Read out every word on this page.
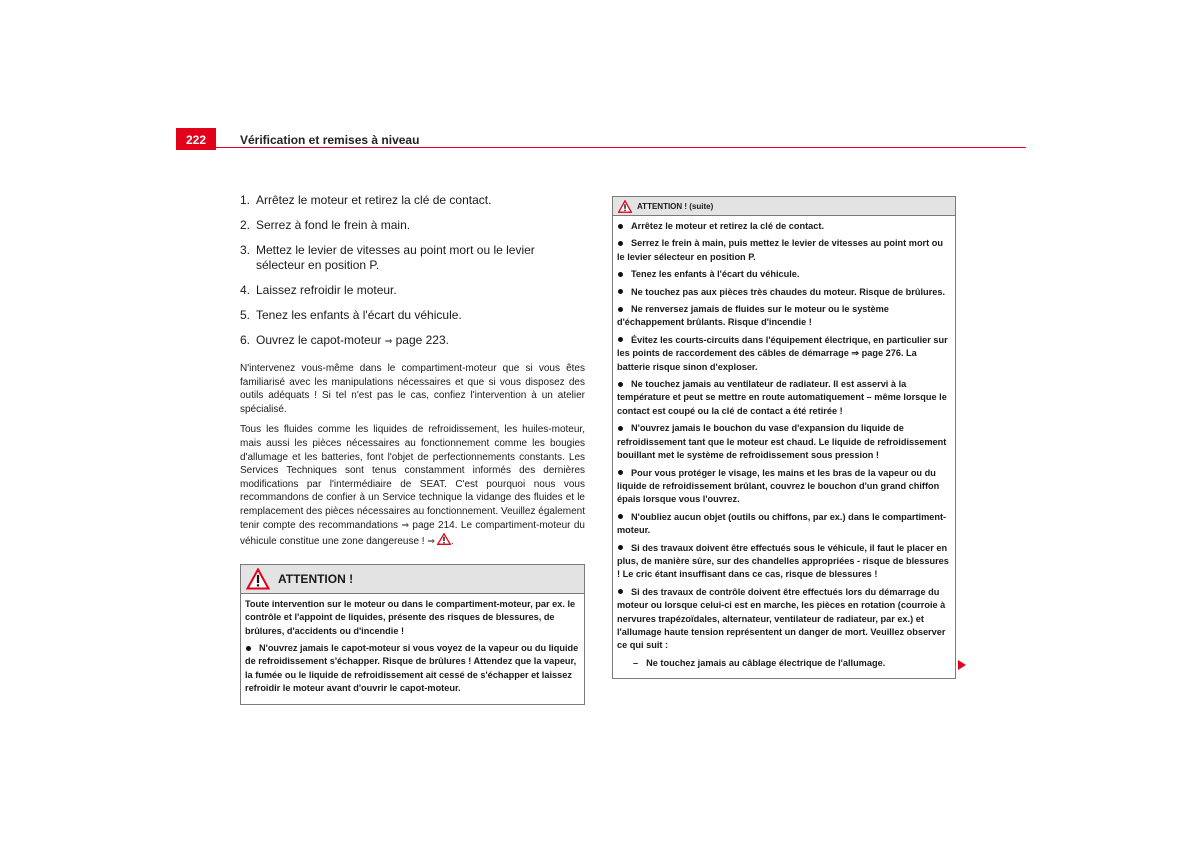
222	Vérification et remises à niveau
1. Arrêtez le moteur et retirez la clé de contact.
2. Serrez à fond le frein à main.
3. Mettez le levier de vitesses au point mort ou le levier sélecteur en position P.
4. Laissez refroidir le moteur.
5. Tenez les enfants à l'écart du véhicule.
6. Ouvrez le capot-moteur ⇒ page 223.

N'intervenez vous-même dans le compartiment-moteur que si vous êtes familiarisé avec les manipulations nécessaires et que si vous disposez des outils adéquats ! Si tel n'est pas le cas, confiez l'intervention à un atelier spécialisé.

Tous les fluides comme les liquides de refroidissement, les huiles-moteur, mais aussi les pièces nécessaires au fonctionnement comme les bougies d'allumage et les batteries, font l'objet de perfectionnements constants. Les Services Techniques sont tenus constamment informés des dernières modifications par l'intermédiaire de SEAT. C'est pourquoi nous vous recommandons de confier à un Service technique la vidange des fluides et le remplacement des pièces nécessaires au fonctionnement. Veuillez également tenir compte des recommandations ⇒ page 214. Le compartiment-moteur du véhicule constitue une zone dangereuse ! ⇒ .

ATTENTION !

Toute intervention sur le moteur ou dans le compartiment-moteur, par ex. le contrôle et l'appoint de liquides, présente des risques de blessures, de brûlures, d'accidents ou d'incendie !

N'ouvrez jamais le capot-moteur si vous voyez de la vapeur ou du liquide de refroidissement s'échapper. Risque de brûlures ! Attendez que la vapeur, la fumée ou le liquide de refroidissement ait cessé de s'échapper et laissez refroidir le moteur avant d'ouvrir le capot-moteur.

ATTENTION ! (suite)

Arrêtez le moteur et retirez la clé de contact.

Serrez le frein à main, puis mettez le levier de vitesses au point mort ou le levier sélecteur en position P.

Tenez les enfants à l'écart du véhicule.

Ne touchez pas aux pièces très chaudes du moteur. Risque de brûlures.

Ne renversez jamais de fluides sur le moteur ou le système d'échappement brûlants. Risque d'incendie !

Évitez les courts-circuits dans l'équipement électrique, en particulier sur les points de raccordement des câbles de démarrage ⇒ page 276. La batterie risque sinon d'exploser.

Ne touchez jamais au ventilateur de radiateur. Il est asservi à la température et peut se mettre en route automatiquement – même lorsque le contact est coupé ou la clé de contact a été retirée !

N'ouvrez jamais le bouchon du vase d'expansion du liquide de refroidissement tant que le moteur est chaud. Le liquide de refroidissement bouillant met le système de refroidissement sous pression !

Pour vous protéger le visage, les mains et les bras de la vapeur ou du liquide de refroidissement brûlant, couvrez le bouchon d'un grand chiffon épais lorsque vous l'ouvrez.

N'oubliez aucun objet (outils ou chiffons, par ex.) dans le compartiment-moteur.

Si des travaux doivent être effectués sous le véhicule, il faut le placer en plus, de manière sûre, sur des chandelles appropriées - risque de blessures ! Le cric étant insuffisant dans ce cas, risque de blessures !

Si des travaux de contrôle doivent être effectués lors du démarrage du moteur ou lorsque celui-ci est en marche, les pièces en rotation (courroie à nervures trapézoïdales, alternateur, ventilateur de radiateur, par ex.) et l'allumage haute tension représentent un danger de mort. Veuillez observer ce qui suit :

– Ne touchez jamais au câblage électrique de l'allumage.
